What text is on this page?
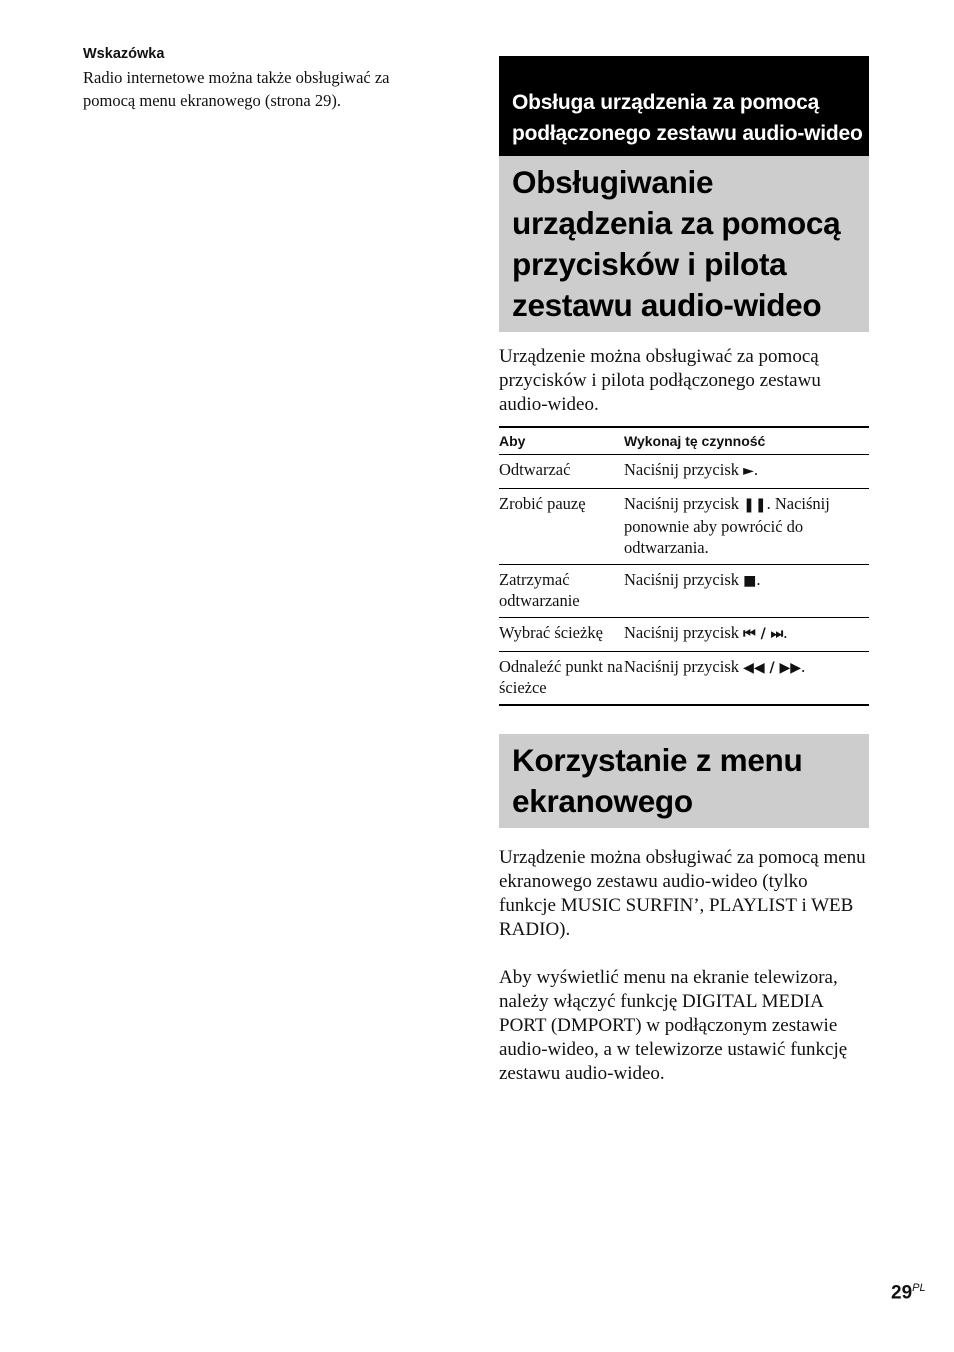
Wskazówka

Radio internetowe można także obsługiwać za pomocą menu ekranowego (strona 29).	Obsługa urządzenia za pomocą podłączonego zestawu audio-wideo
Obsługiwanie urządzenia za pomocą przycisków i pilota zestawu audio-wideo

Urządzenie można obsługiwać za pomocą przycisków i pilota podłączonego zestawu audio-wideo.

Aby	Wykonaj tę czynność
Odtwarzać	Naciśnij przycisk ►.
Zrobić pauzę	Naciśnij przycisk ❚❚. Naciśnij ponownie aby powrócić do odtwarzania.
Zatrzymać odtwarzanie	Naciśnij przycisk ■.
Wybrać ścieżkę	Naciśnij przycisk ⏮ / ⏭.
Odnaleźć punkt na ścieżce	Naciśnij przycisk ◀◀ / ▶▶.
Korzystanie z menu ekranowego

Urządzenie można obsługiwać za pomocą menu ekranowego zestawu audio-wideo (tylko funkcje MUSIC SURFIN’, PLAYLIST i WEB RADIO).

Aby wyświetlić menu na ekranie telewizora, należy włączyć funkcję DIGITAL MEDIA PORT (DMPORT) w podłączonym zestawie audio-wideo, a w telewizorze ustawić funkcję zestawu audio-wideo.

$29^{PL}$
